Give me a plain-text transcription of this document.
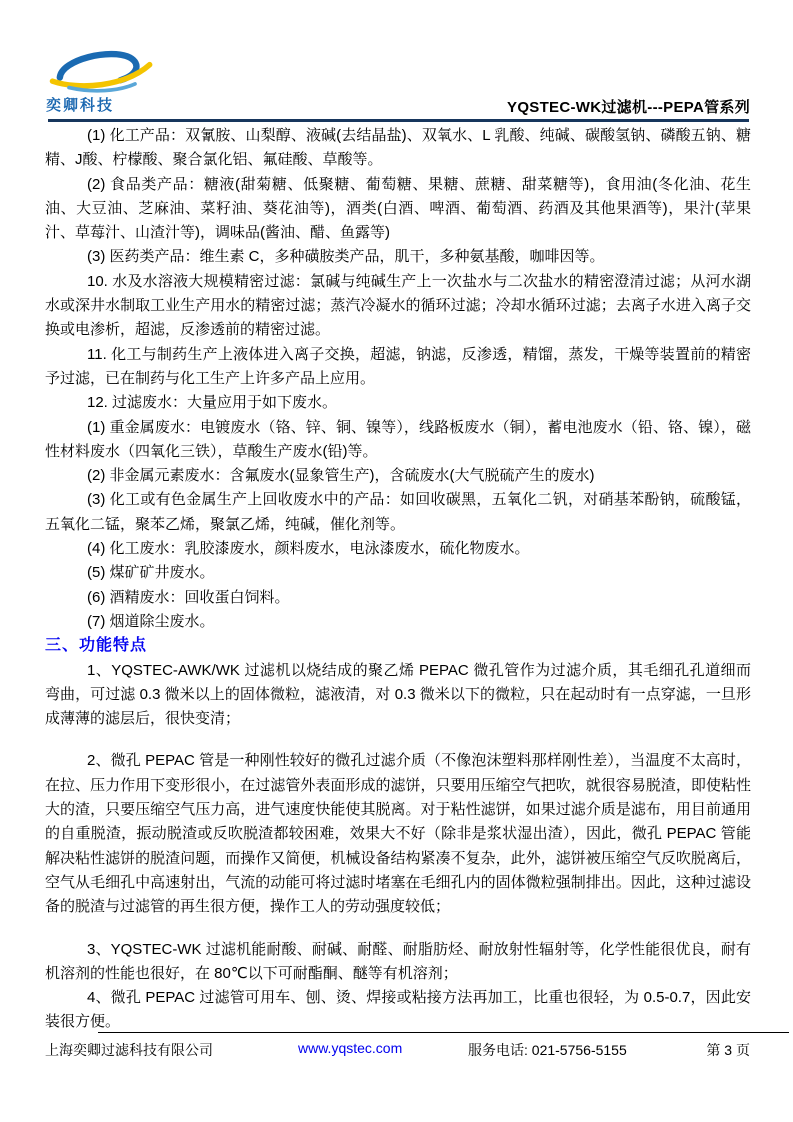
奕卿科技	YQSTEC-WK过滤机---PEPA管系列

(1) 化工产品：双氰胺、山梨醇、液碱(去结晶盐)、双氧水、L 乳酸、纯碱、碳酸氢钠、磷酸五钠、糖精、J酸、柠檬酸、聚合氯化铝、氟硅酸、草酸等。

(2) 食品类产品：糖液(甜菊糖、低聚糖、葡萄糖、果糖、蔗糖、甜菜糖等)，食用油(冬化油、花生油、大豆油、芝麻油、菜籽油、葵花油等)，酒类(白酒、啤酒、葡萄酒、药酒及其他果酒等)，果汁(苹果汁、草莓汁、山渣汁等)，调味品(酱油、醋、鱼露等)

(3) 医药类产品：维生素 C，多种磺胺类产品，肌干，多种氨基酸，咖啡因等。

10. 水及水溶液大规模精密过滤：氯碱与纯碱生产上一次盐水与二次盐水的精密澄清过滤；从河水湖水或深井水制取工业生产用水的精密过滤；蒸汽冷凝水的循环过滤；冷却水循环过滤；去离子水进入离子交换或电渗析，超滤，反渗透前的精密过滤。

11. 化工与制药生产上液体进入离子交换，超滤，钠滤，反渗透，精馏，蒸发，干燥等装置前的精密予过滤，已在制药与化工生产上许多产品上应用。

12. 过滤废水：大量应用于如下废水。

(1) 重金属废水：电镀废水（铬、锌、铜、镍等），线路板废水（铜），蓄电池废水（铅、铬、镍），磁性材料废水（四氧化三铁），草酸生产废水(铅)等。

(2) 非金属元素废水：含氟废水(显象管生产)，含硫废水(大气脱硫产生的废水)

(3) 化工或有色金属生产上回收废水中的产品：如回收碳黑，五氧化二钒，对硝基苯酚钠，硫酸锰，五氧化二锰，聚苯乙烯，聚氯乙烯，纯碱，催化剂等。

(4) 化工废水：乳胶漆废水，颜料废水，电泳漆废水，硫化物废水。

(5) 煤矿矿井废水。

(6) 酒精废水：回收蛋白饲料。

(7) 烟道除尘废水。

三、功能特点

1、YQSTEC-AWK/WK 过滤机以烧结成的聚乙烯 PEPAC 微孔管作为过滤介质，其毛细孔孔道细而弯曲，可过滤 0.3 微米以上的固体微粒，滤液清，对 0.3 微米以下的微粒，只在起动时有一点穿滤，一旦形成薄薄的滤层后，很快变清；

2、微孔 PEPAC 管是一种刚性较好的微孔过滤介质（不像泡沫塑料那样刚性差），当温度不太高时，在拉、压力作用下变形很小，在过滤管外表面形成的滤饼，只要用压缩空气把吹，就很容易脱渣，即使粘性大的渣，只要压缩空气压力高，进气速度快能使其脱离。对于粘性滤饼，如果过滤介质是滤布，用目前通用的自重脱渣，振动脱渣或反吹脱渣都较困难，效果大不好（除非是浆状湿出渣），因此，微孔 PEPAC 管能解决粘性滤饼的脱渣问题，而操作又简便，机械设备结构紧凑不复杂，此外，滤饼被压缩空气反吹脱离后，空气从毛细孔中高速射出，气流的动能可将过滤时堵塞在毛细孔内的固体微粒强制排出。因此，这种过滤设备的脱渣与过滤管的再生很方便，操作工人的劳动强度较低；

3、YQSTEC-WK 过滤机能耐酸、耐碱、耐醛、耐脂肪烃、耐放射性辐射等，化学性能很优良，耐有机溶剂的性能也很好，在 80℃以下可耐酯酮、醚等有机溶剂；

4、微孔 PEPAC 过滤管可用车、刨、烫、焊接或粘接方法再加工，比重也很轻，为 0.5-0.7，因此安装很方便。

上海奕卿过滤科技有限公司	www.yqstec.com	服务电话: 021-5756-5155	第 3 页
